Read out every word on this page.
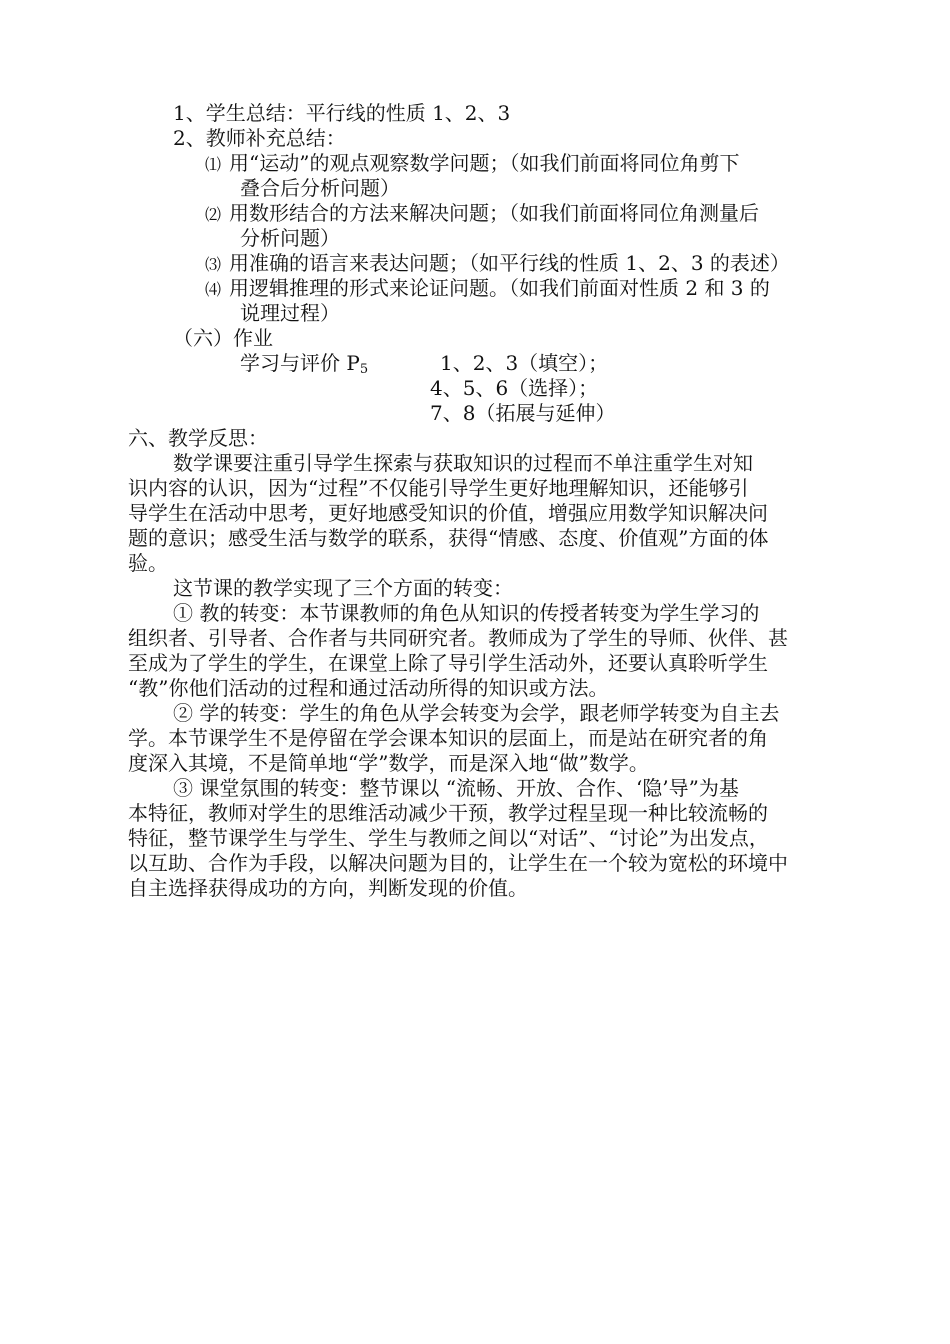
1、学生总结：平行线的性质 1、2、3
2、教师补充总结：
⑴ 用“运动”的观点观察数学问题；（如我们前面将同位角剪下
叠合后分析问题）
⑵ 用数形结合的方法来解决问题；（如我们前面将同位角测量后
分析问题）
⑶ 用准确的语言来表达问题；（如平行线的性质 1、2、3 的表述）
⑷ 用逻辑推理的形式来论证问题。（如我们前面对性质 2 和 3 的
说理过程）
（六）作业
学习与评价 $P_5$	1、2、3（填空）；
4、5、6（选择）；
7、8（拓展与延伸）
六、教学反思：
数学课要注重引导学生探索与获取知识的过程而不单注重学生对知
识内容的认识，因为“过程”不仅能引导学生更好地理解知识，还能够引
导学生在活动中思考，更好地感受知识的价值，增强应用数学知识解决问
题的意识；感受生活与数学的联系，获得“情感、态度、价值观”方面的体
验。
这节课的教学实现了三个方面的转变：
① 教的转变：本节课教师的角色从知识的传授者转变为学生学习的
组织者、引导者、合作者与共同研究者。教师成为了学生的导师、伙伴、甚
至成为了学生的学生，在课堂上除了导引学生活动外，还要认真聆听学生
“教”你他们活动的过程和通过活动所得的知识或方法。
② 学的转变：学生的角色从学会转变为会学，跟老师学转变为自主去
学。本节课学生不是停留在学会课本知识的层面上，而是站在研究者的角
度深入其境，不是简单地“学”数学，而是深入地“做”数学。
③ 课堂氛围的转变：整节课以 “流畅、开放、合作、‘隐’导”为基
本特征，教师对学生的思维活动减少干预，教学过程呈现一种比较流畅的
特征，整节课学生与学生、学生与教师之间以“对话”、“讨论”为出发点，
以互助、合作为手段，以解决问题为目的，让学生在一个较为宽松的环境中
自主选择获得成功的方向，判断发现的价值。
